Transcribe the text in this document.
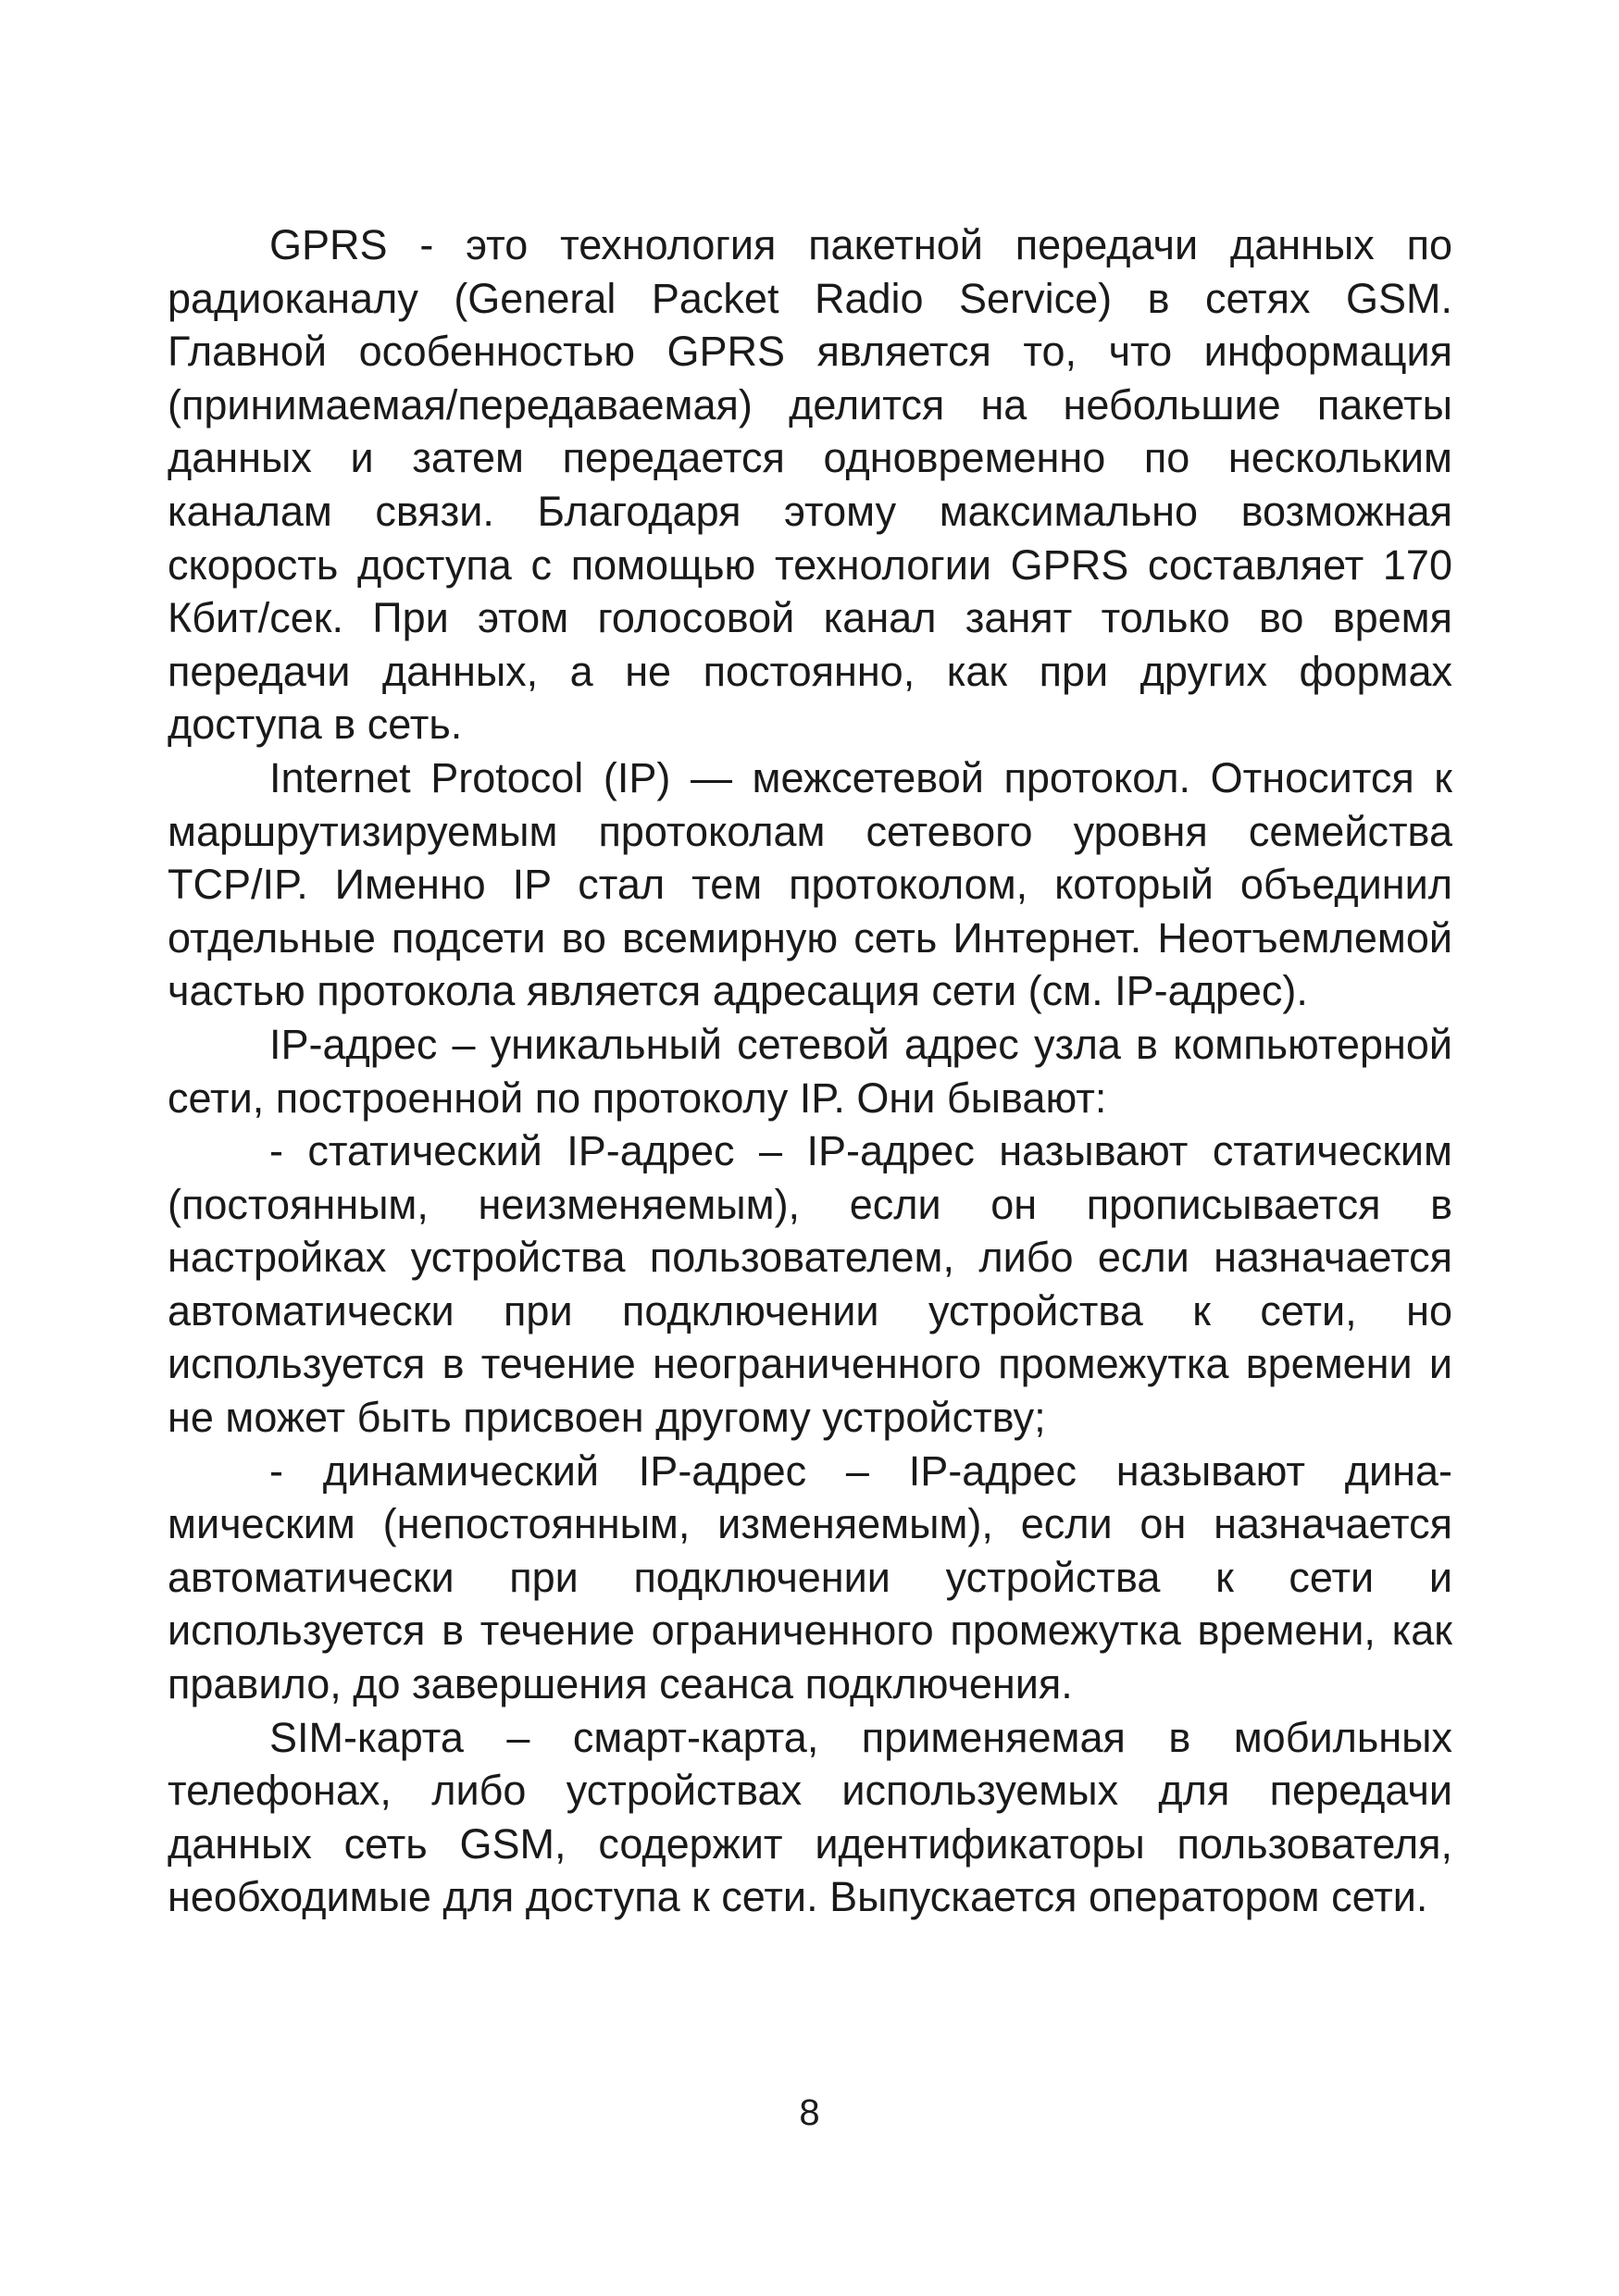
GPRS - это технология пакетной передачи данных по радиоканалу (General Packet Radio Service) в сетях GSM. Главной особенностью GPRS является то, что информация (принимаемая/передаваемая) делится на небольшие пакеты данных и затем передается одновременно по нескольким каналам связи. Благодаря этому максимально возможная скорость доступа с помощью технологии GPRS составляет 170 Кбит/сек. При этом голосовой канал занят только во время передачи данных, а не постоянно, как при других формах доступа в сеть.

Internet Protocol (IP) — межсетевой протокол. Относится к маршрутизируемым протоколам сетевого уровня семейства TCP/IP. Именно IP стал тем протоколом, который объединил отдельные подсети во всемирную сеть Интернет. Неотъемлемой частью протокола является адресация сети (см. IP-адрес).

IP-адрес – уникальный сетевой адрес узла в компьютерной сети, построенной по протоколу IP. Они бывают:

- статический IP-адрес – IP-адрес называют статическим (постоянным, неизменяемым), если он прописывается в настройках устройства пользователем, либо если назначается автоматически при подключении устройства к сети, но используется в течение неограниченного промежутка времени и не может быть присвоен другому устройству;

- динамический IP-адрес – IP-адрес называют динамическим (непостоянным, изменяемым), если он назначается автоматически при подключении устройства к сети и используется в течение ограниченного промежутка времени, как правило, до завершения сеанса подключения.

SIM-карта – смарт-карта, применяемая в мобильных телефонах, либо устройствах используемых для передачи данных сеть GSM, содержит идентификаторы пользователя, необходимые для доступа к сети. Выпускается оператором сети.

8
